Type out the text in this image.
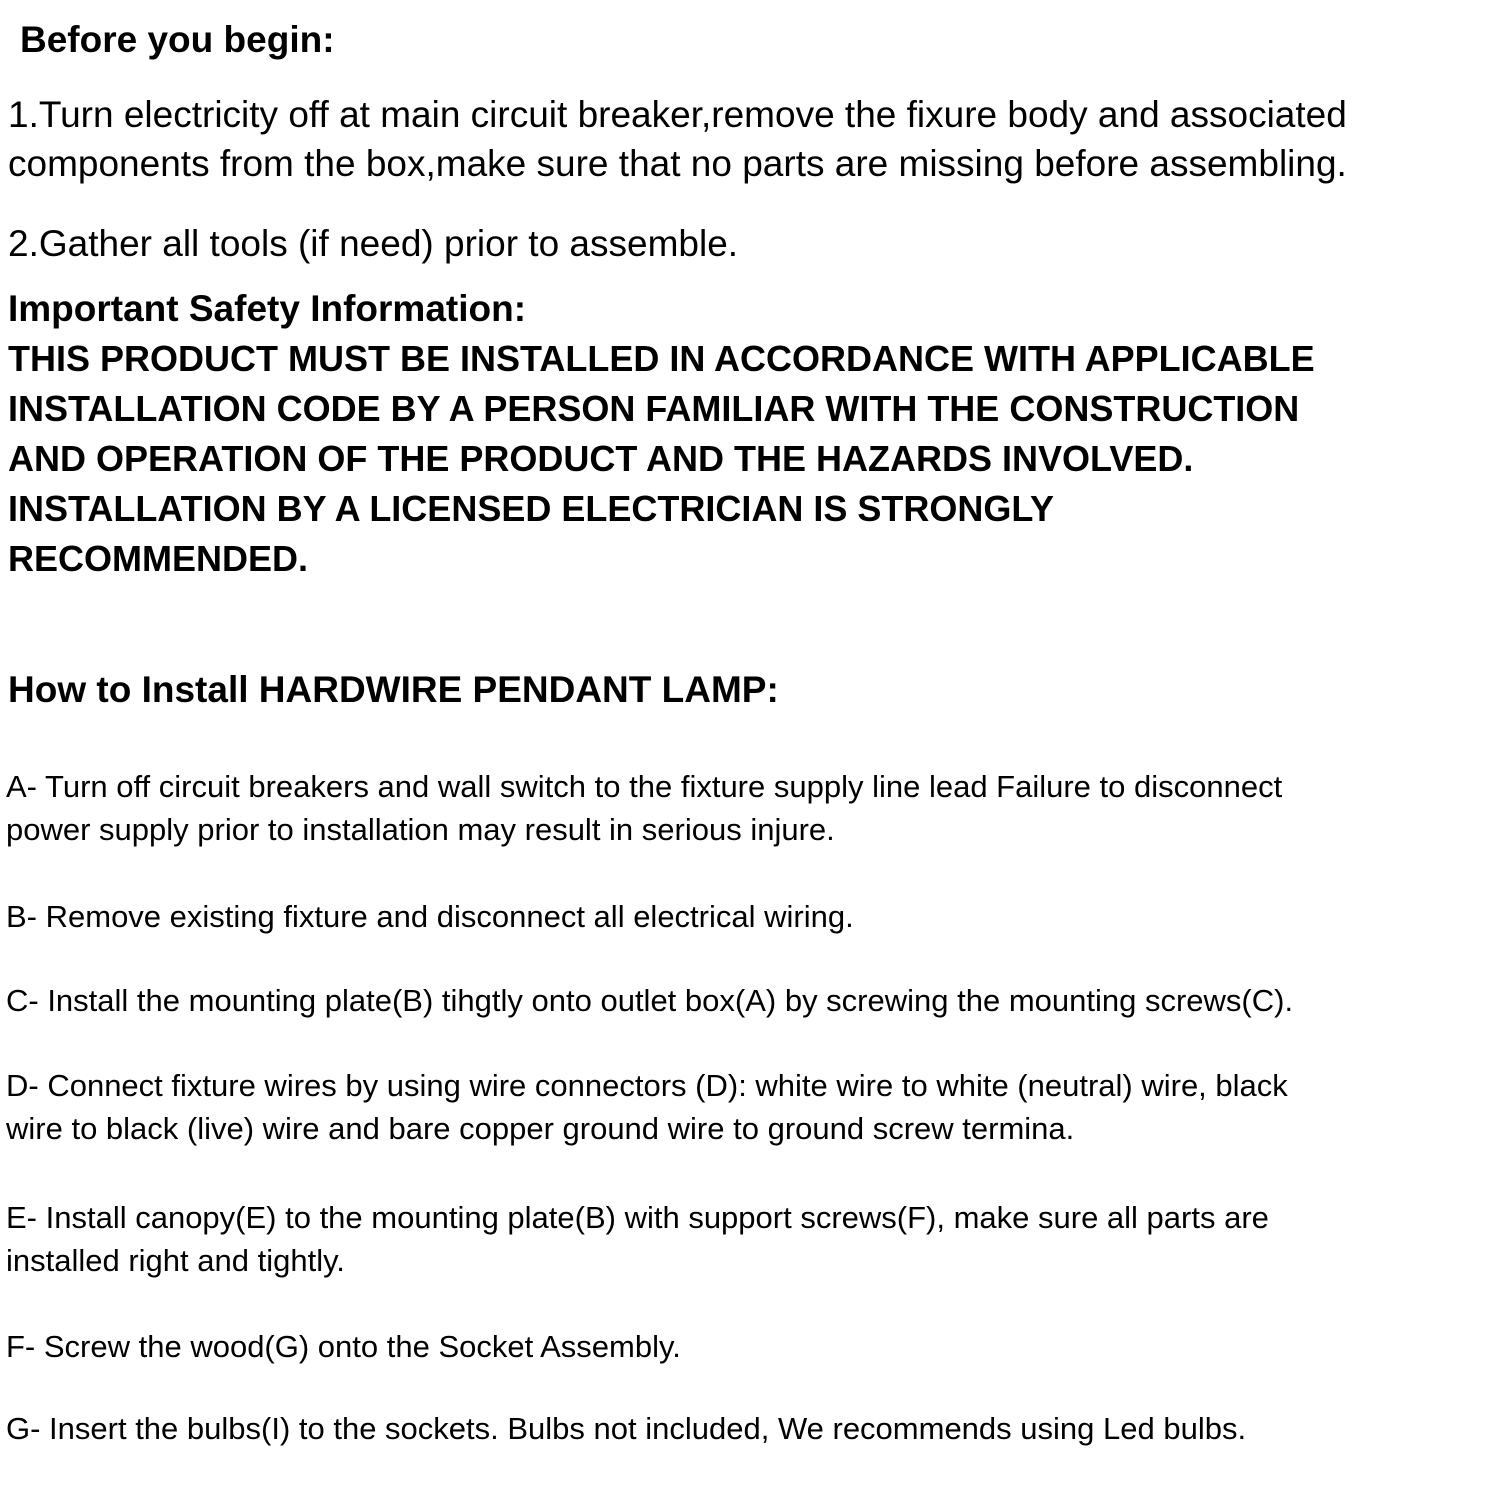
Before you begin:

1.Turn electricity off at main circuit breaker,remove the fixure body and associated

components from the box,make sure that no parts are missing before assembling.

2.Gather all tools (if need) prior to assemble.

Important Safety Information:

THIS PRODUCT MUST BE INSTALLED IN ACCORDANCE WITH APPLICABLE

INSTALLATION CODE BY A PERSON FAMILIAR WITH THE CONSTRUCTION

AND OPERATION OF THE PRODUCT AND THE HAZARDS INVOLVED.

INSTALLATION BY A LICENSED ELECTRICIAN IS STRONGLY

RECOMMENDED.

How to Install HARDWIRE PENDANT LAMP:

A- Turn off circuit breakers and wall switch to the fixture supply line lead Failure to disconnect

power supply prior to installation may result in serious injure.

B- Remove existing fixture and disconnect all electrical wiring.

C- Install the mounting plate(B) tihgtly onto outlet box(A) by screwing the mounting screws(C).

D- Connect fixture wires by using wire connectors (D): white wire to white (neutral) wire, black

wire to black (live) wire and bare copper ground wire to ground screw termina.

E- Install canopy(E) to the mounting plate(B) with support screws(F), make sure all parts are

installed right and tightly.

F- Screw the wood(G) onto the Socket Assembly.

G- Insert the bulbs(I) to the sockets. Bulbs not included, We recommends using Led bulbs.
